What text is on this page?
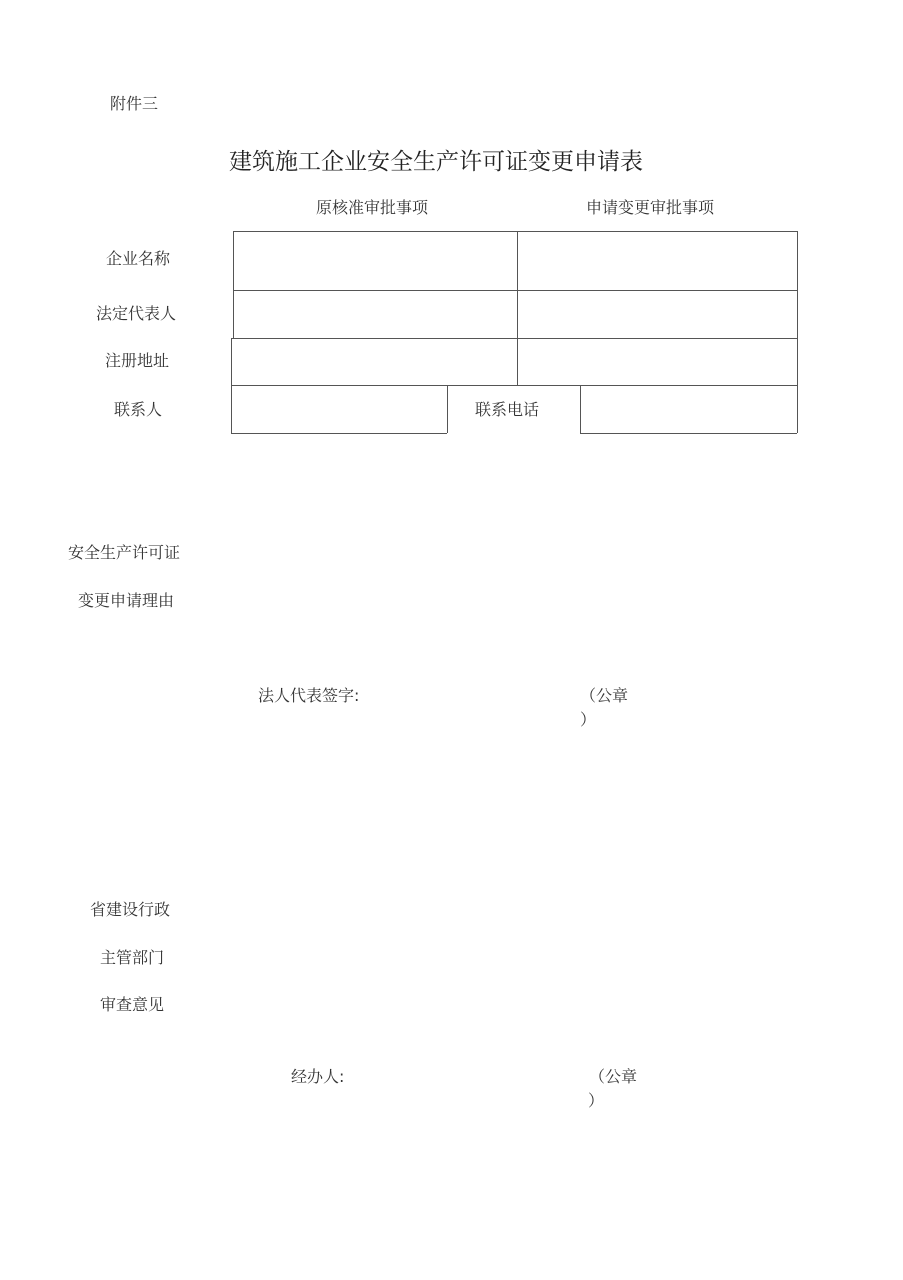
附件三
建筑施工企业安全生产许可证变更申请表
原核准审批事项	申请变更审批事项
企业名称
法定代表人
注册地址
联系人	联系电话
安全生产许可证
变更申请理由
法人代表签字:	（公章
）
省建设行政
主管部门
审查意见
经办人:	（公章
）
